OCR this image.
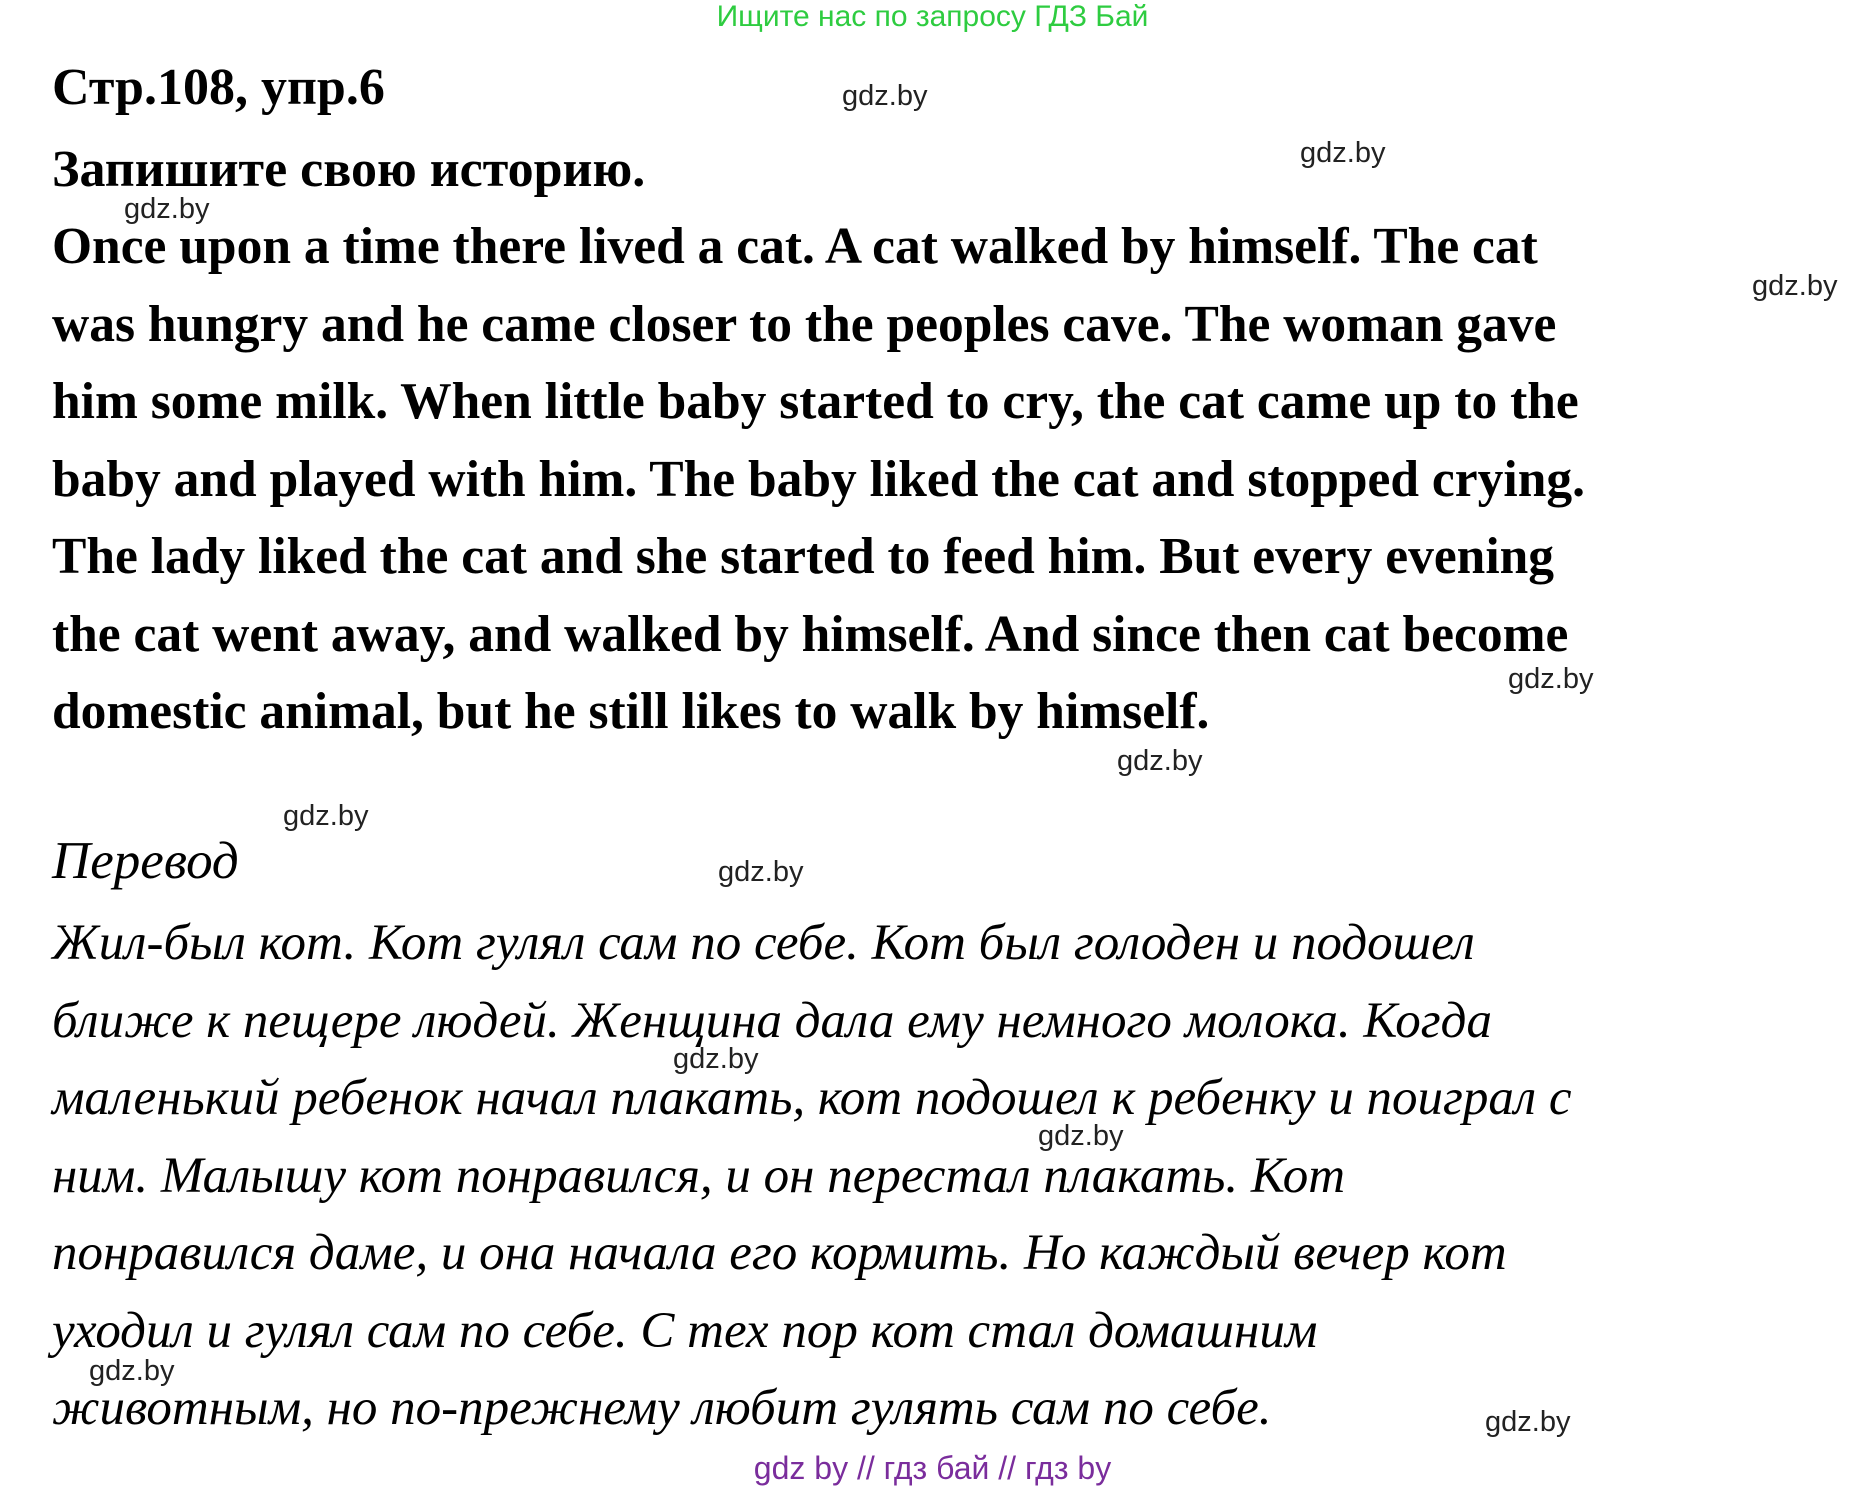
Ищите нас по запросу ГДЗ Бай
Стр.108, упр.6
Запишите свою историю.
Once upon a time there lived a cat. A cat walked by himself. The cat
was hungry and he came closer to the peoples cave. The woman gave
him some milk. When little baby started to cry, the cat came up to the
baby and played with him. The baby liked the cat and stopped crying.
The lady liked the cat and she started to feed him. But every evening
the cat went away, and walked by himself. And since then cat become
domestic animal, but he still likes to walk by himself.
Перевод
Жил-был кот. Кот гулял сам по себе. Кот был голоден и подошел
ближе к пещере людей. Женщина дала ему немного молока. Когда
маленький ребенок начал плакать, кот подошел к ребенку и поиграл с
ним. Малышу кот понравился, и он перестал плакать. Кот
понравился даме, и она начала его кормить. Но каждый вечер кот
уходил и гулял сам по себе. С тех пор кот стал домашним
животным, но по-прежнему любит гулять сам по себе.
gdz.by
gdz.by
gdz.by
gdz.by
gdz.by
gdz.by
gdz.by
gdz.by
gdz.by
gdz.by
gdz.by
gdz.by
gdz by // гдз бай // гдз by
